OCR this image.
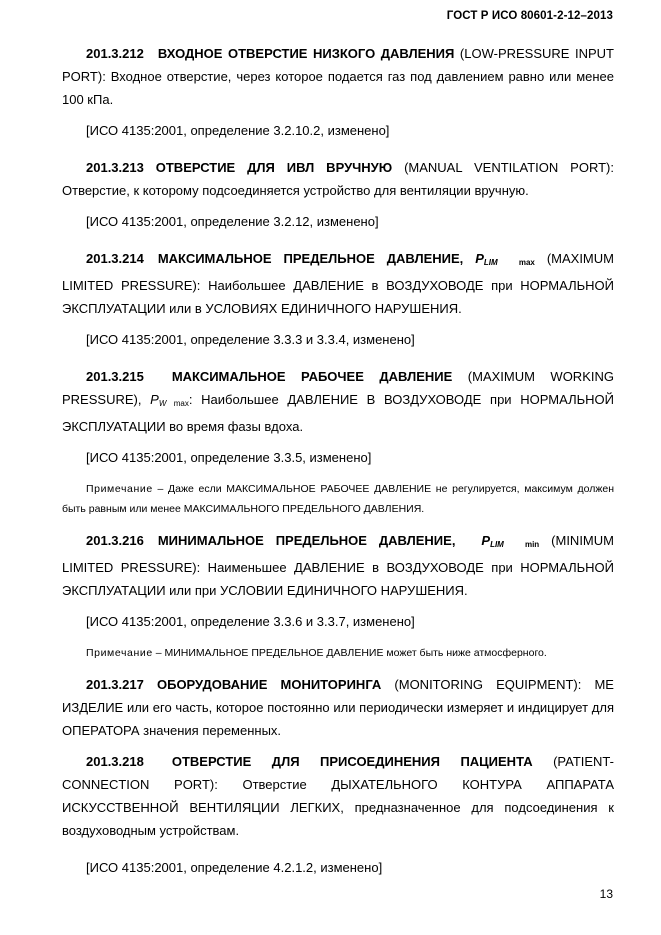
ГОСТ Р ИСО 80601-2-12–2013

201.3.212 ВХОДНОЕ ОТВЕРСТИЕ НИЗКОГО ДАВЛЕНИЯ (LOW-PRESSURE INPUT PORT): Входное отверстие, через которое подается газ под давлением равно или менее 100 кПа.

[ИСО 4135:2001, определение 3.2.10.2, изменено]

201.3.213 ОТВЕРСТИЕ ДЛЯ ИВЛ ВРУЧНУЮ (MANUAL VENTILATION PORT): Отверстие, к которому подсоединяется устройство для вентиляции вручную.

[ИСО 4135:2001, определение 3.2.12, изменено]

201.3.214 МАКСИМАЛЬНОЕ ПРЕДЕЛЬНОЕ ДАВЛЕНИЕ, $P_{LIM}$	$_{max}$ (MAXIMUM LIMITED PRESSURE): Наибольшее ДАВЛЕНИЕ в ВОЗДУХОВОДЕ при НОРМАЛЬНОЙ ЭКСПЛУАТАЦИИ или в УСЛОВИЯХ ЕДИНИЧНОГО НАРУШЕНИЯ.

[ИСО 4135:2001, определение 3.3.3 и 3.3.4, изменено]

201.3.215 МАКСИМАЛЬНОЕ РАБОЧЕЕ ДАВЛЕНИЕ (MAXIMUM WORKING PRESSURE), $P_W$ $_{max}$: Наибольшее ДАВЛЕНИЕ В ВОЗДУХОВОДЕ при НОРМАЛЬНОЙ ЭКСПЛУАТАЦИИ во время фазы вдоха.

[ИСО 4135:2001, определение 3.3.5, изменено]

Примечание – Даже если МАКСИМАЛЬНОЕ РАБОЧЕЕ ДАВЛЕНИЕ не регулируется, максимум должен быть равным или менее МАКСИМАЛЬНОГО ПРЕДЕЛЬНОГО ДАВЛЕНИЯ.

201.3.216 МИНИМАЛЬНОЕ ПРЕДЕЛЬНОЕ ДАВЛЕНИЕ, $P_{LIM}$	$_{min}$ (MINIMUM LIMITED PRESSURE): Наименьшее ДАВЛЕНИЕ в ВОЗДУХОВОДЕ при НОРМАЛЬНОЙ ЭКСПЛУАТАЦИИ или при УСЛОВИИ ЕДИНИЧНОГО НАРУШЕНИЯ.

[ИСО 4135:2001, определение 3.3.6 и 3.3.7, изменено]

Примечание – МИНИМАЛЬНОЕ ПРЕДЕЛЬНОЕ ДАВЛЕНИЕ может быть ниже атмосферного.

201.3.217 ОБОРУДОВАНИЕ МОНИТОРИНГА (MONITORING EQUIPMENT): МЕ ИЗДЕЛИЕ или его часть, которое постоянно или периодически измеряет и индицирует для ОПЕРАТОРА значения переменных.

201.3.218 ОТВЕРСТИЕ ДЛЯ ПРИСОЕДИНЕНИЯ ПАЦИЕНТА (PATIENT-CONNECTION PORT): Отверстие ДЫХАТЕЛЬНОГО КОНТУРА АППАРАТА ИСКУССТВЕННОЙ ВЕНТИЛЯЦИИ ЛЕГКИХ, предназначенное для подсоединения к воздуховодным устройствам.

[ИСО 4135:2001, определение 4.2.1.2, изменено]

13
